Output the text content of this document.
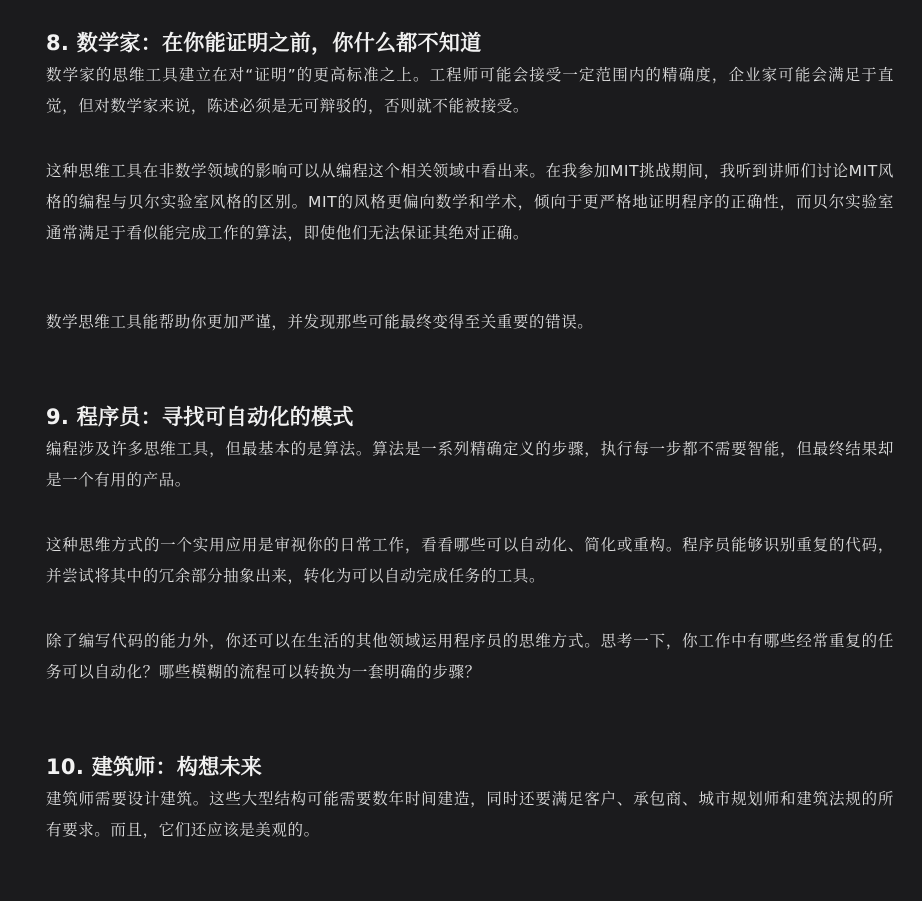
8. 数学家：在你能证明之前，你什么都不知道

数学家的思维工具建立在对“证明”的更高标准之上。工程师可能会接受一定范围内的精确度，企业家可能会满足于直觉，但对数学家来说，陈述必须是无可辩驳的，否则就不能被接受。

这种思维工具在非数学领域的影响可以从编程这个相关领域中看出来。在我参加MIT挑战期间，我听到讲师们讨论MIT风格的编程与贝尔实验室风格的区别。MIT的风格更偏向数学和学术，倾向于更严格地证明程序的正确性，而贝尔实验室通常满足于看似能完成工作的算法，即使他们无法保证其绝对正确。

数学思维工具能帮助你更加严谨，并发现那些可能最终变得至关重要的错误。

9. 程序员：寻找可自动化的模式

编程涉及许多思维工具，但最基本的是算法。算法是一系列精确定义的步骤，执行每一步都不需要智能，但最终结果却是一个有用的产品。

这种思维方式的一个实用应用是审视你的日常工作，看看哪些可以自动化、简化或重构。程序员能够识别重复的代码，并尝试将其中的冗余部分抽象出来，转化为可以自动完成任务的工具。

除了编写代码的能力外，你还可以在生活的其他领域运用程序员的思维方式。思考一下，你工作中有哪些经常重复的任务可以自动化？哪些模糊的流程可以转换为一套明确的步骤？

10. 建筑师：构想未来

建筑师需要设计建筑。这些大型结构可能需要数年时间建造，同时还要满足客户、承包商、城市规划师和建筑法规的所有要求。而且，它们还应该是美观的。
